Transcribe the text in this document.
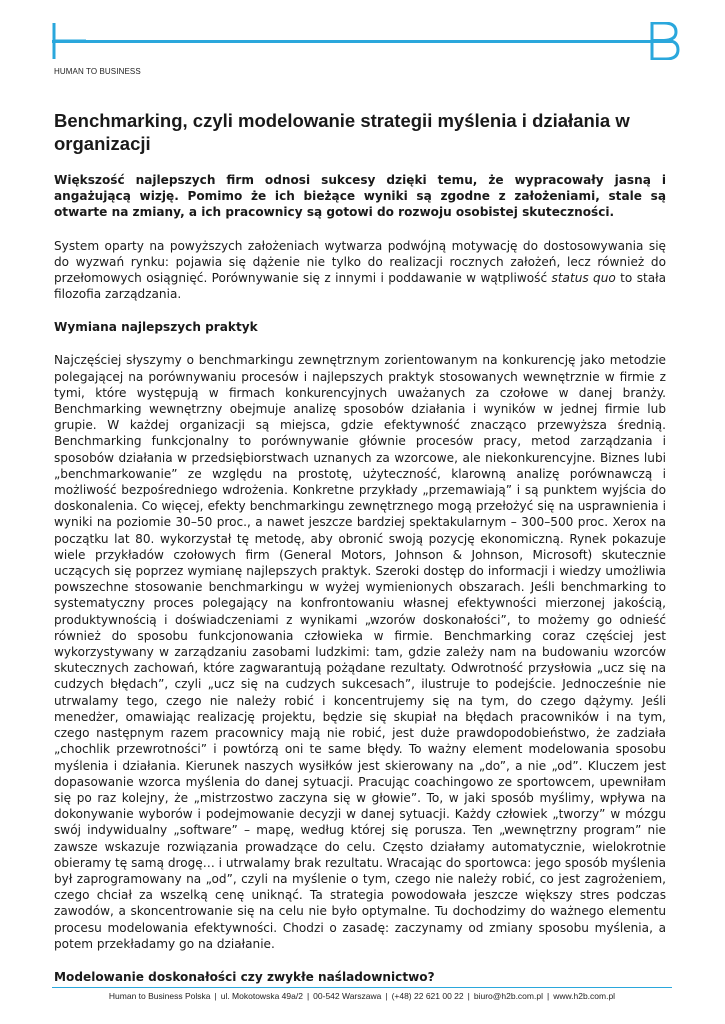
HUMAN TO BUSINESS
Benchmarking, czyli modelowanie strategii myślenia i działania w organizacji

Większość najlepszych firm odnosi sukcesy dzięki temu, że wypracowały jasną i angażującą wizję. Pomimo że ich bieżące wyniki są zgodne z założeniami, stale są otwarte na zmiany, a ich pracownicy są gotowi do rozwoju osobistej skuteczności.

System oparty na powyższych założeniach wytwarza podwójną motywację do dostosowywania się do wyzwań rynku: pojawia się dążenie nie tylko do realizacji rocznych założeń, lecz również do przełomowych osiągnięć. Porównywanie się z innymi i poddawanie w wątpliwość status quo to stała filozofia zarządzania.

Wymiana najlepszych praktyk

Najczęściej słyszymy o benchmarkingu zewnętrznym zorientowanym na konkurencję jako metodzie polegającej na porównywaniu procesów i najlepszych praktyk stosowanych wewnętrznie w firmie z tymi, które występują w firmach konkurencyjnych uważanych za czołowe w danej branży. Benchmarking wewnętrzny obejmuje analizę sposobów działania i wyników w jednej firmie lub grupie. W każdej organizacji są miejsca, gdzie efektywność znacząco przewyższa średnią. Benchmarking funkcjonalny to porównywanie głównie procesów pracy, metod zarządzania i sposobów działania w przedsiębiorstwach uznanych za wzorcowe, ale niekonkurencyjne. Biznes lubi „benchmarkowanie” ze względu na prostotę, użyteczność, klarowną analizę porównawczą i możliwość bezpośredniego wdrożenia. Konkretne przykłady „przemawiają” i są punktem wyjścia do doskonalenia. Co więcej, efekty benchmarkingu zewnętrznego mogą przełożyć się na usprawnienia i wyniki na poziomie 30–50 proc., a nawet jeszcze bardziej spektakularnym – 300–500 proc. Xerox na początku lat 80. wykorzystał tę metodę, aby obronić swoją pozycję ekonomiczną. Rynek pokazuje wiele przykładów czołowych firm (General Motors, Johnson & Johnson, Microsoft) skutecznie uczących się poprzez wymianę najlepszych praktyk. Szeroki dostęp do informacji i wiedzy umożliwia powszechne stosowanie benchmarkingu w wyżej wymienionych obszarach. Jeśli benchmarking to systematyczny proces polegający na konfrontowaniu własnej efektywności mierzonej jakością, produktywnością i doświadczeniami z wynikami „wzorów doskonałości”, to możemy go odnieść również do sposobu funkcjonowania człowieka w firmie. Benchmarking coraz częściej jest wykorzystywany w zarządzaniu zasobami ludzkimi: tam, gdzie zależy nam na budowaniu wzorców skutecznych zachowań, które zagwarantują pożądane rezultaty. Odwrotność przysłowia „ucz się na cudzych błędach”, czyli „ucz się na cudzych sukcesach”, ilustruje to podejście. Jednocześnie nie utrwalamy tego, czego nie należy robić i koncentrujemy się na tym, do czego dążymy. Jeśli menedżer, omawiając realizację projektu, będzie się skupiał na błędach pracowników i na tym, czego następnym razem pracownicy mają nie robić, jest duże prawdopodobieństwo, że zadziała „chochlik przewrotności” i powtórzą oni te same błędy. To ważny element modelowania sposobu myślenia i działania. Kierunek naszych wysiłków jest skierowany na „do”, a nie „od”. Kluczem jest dopasowanie wzorca myślenia do danej sytuacji. Pracując coachingowo ze sportowcem, upewniłam się po raz kolejny, że „mistrzostwo zaczyna się w głowie”. To, w jaki sposób myślimy, wpływa na dokonywanie wyborów i podejmowanie decyzji w danej sytuacji. Każdy człowiek „tworzy” w mózgu swój indywidualny „software” – mapę, według której się porusza. Ten „wewnętrzny program” nie zawsze wskazuje rozwiązania prowadzące do celu. Często działamy automatycznie, wielokrotnie obieramy tę samą drogę… i utrwalamy brak rezultatu. Wracając do sportowca: jego sposób myślenia był zaprogramowany na „od”, czyli na myślenie o tym, czego nie należy robić, co jest zagrożeniem, czego chciał za wszelką cenę uniknąć. Ta strategia powodowała jeszcze większy stres podczas zawodów, a skoncentrowanie się na celu nie było optymalne. Tu dochodzimy do ważnego elementu procesu modelowania efektywności. Chodzi o zasadę: zaczynamy od zmiany sposobu myślenia, a potem przekładamy go na działanie.

Modelowanie doskonałości czy zwykłe naśladownictwo?
Human to Business Polska | ul. Mokotowska 49a/2 | 00-542 Warszawa | (+48) 22 621 00 22 | biuro@h2b.com.pl | www.h2b.com.pl
